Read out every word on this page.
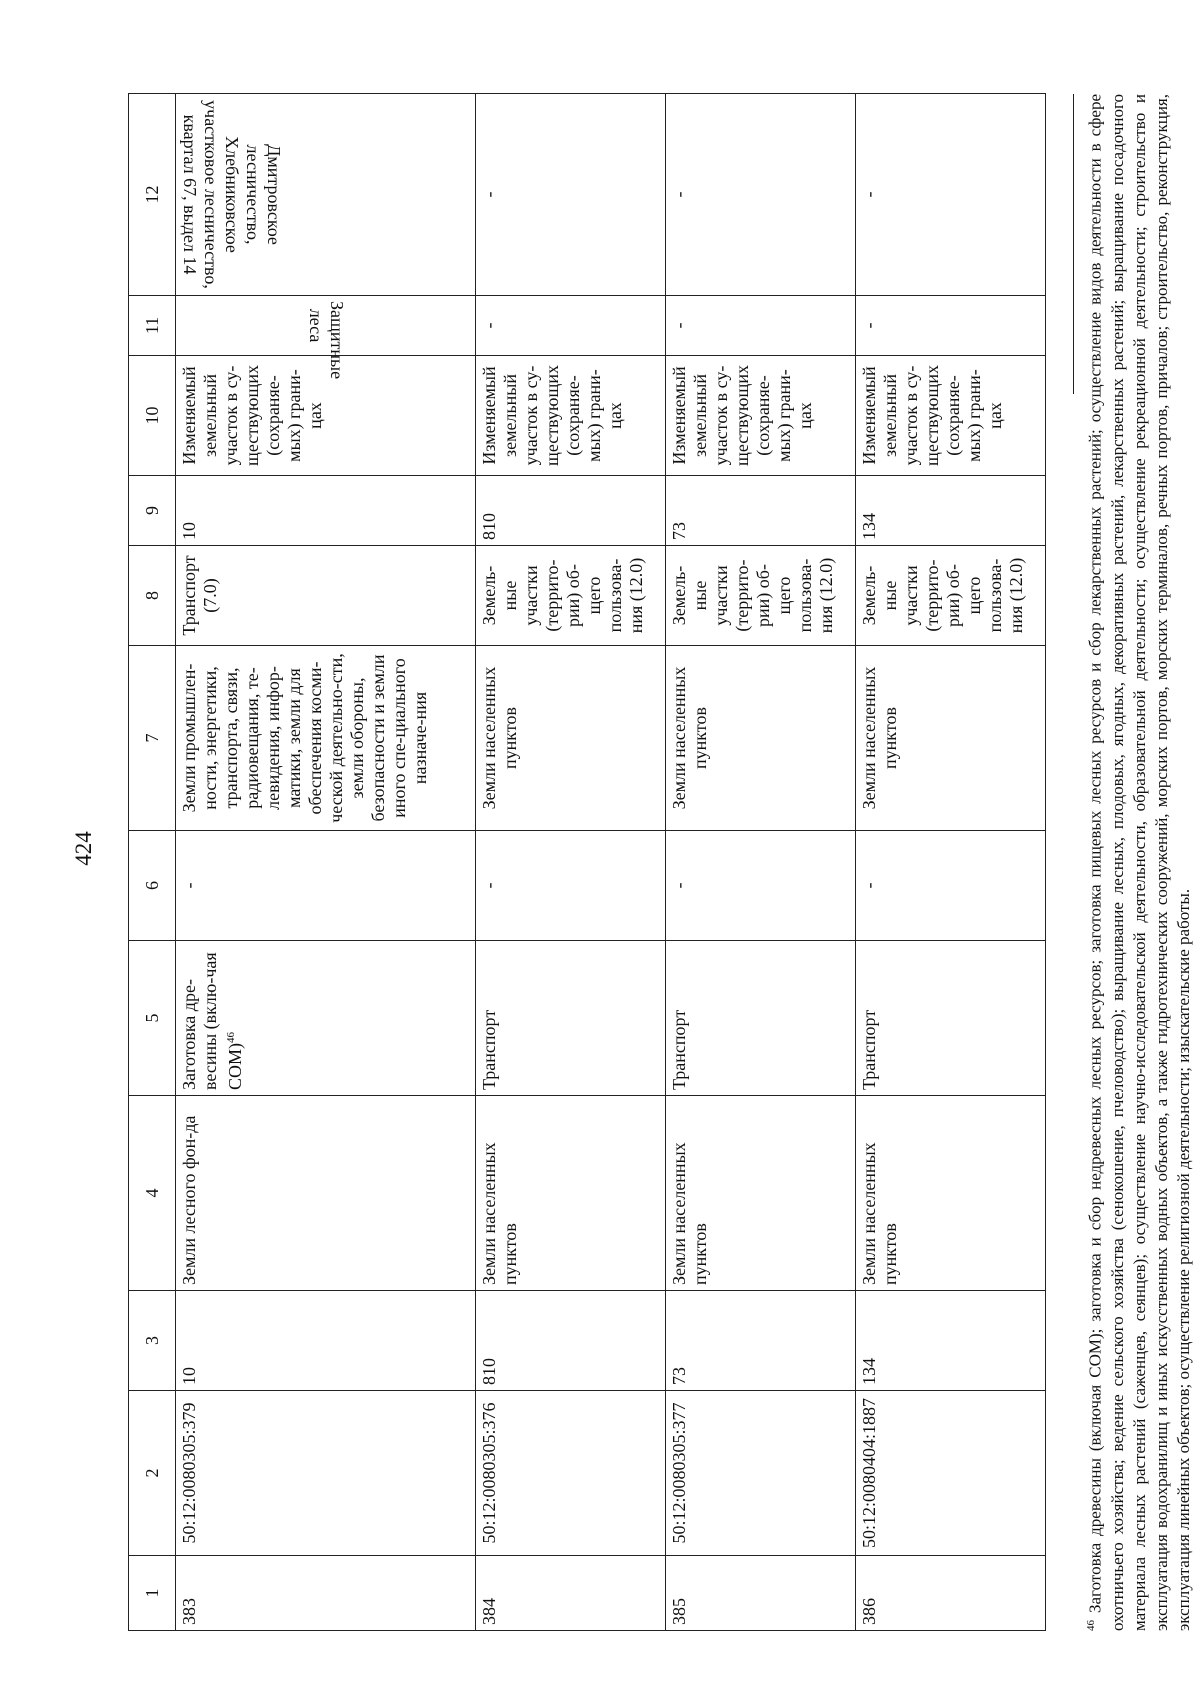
424
1	2	3	4	5	6	7	8	9	10	11	12
383	50:12:0080305:379	10	Земли лесного фон-да	Заготовка дре-весины (вклю-чая СОМ)$^{46}$	-	Земли промышлен-ности, энергетики, транспорта, связи, радиовещания, те-левидения, инфор-матики, земли для обеспечения косми-ческой деятельно-сти, земли обороны, безопасности и земли иного спе-циального назначе-ния	Транспорт (7.0)	10	Изменяемый земельный участок в су-ществующих (сохраняе-мых) грани-цах	Защитные леса	Дмитровское лесничество, Хлебниковское участковое лесничество, квартал 67, выдел 14

384	50:12:0080305:376	810	Земли населенных пунктов	Транспорт	-	Земли населенных пунктов	Земель-ные участки (террито-рии) об-щего пользова-ния (12.0)	810	Изменяемый земельный участок в су-ществующих (сохраняе-мых) грани-цах	-	-
385	50:12:0080305:377	73	Земли населенных пунктов	Транспорт	-	Земли населенных пунктов	Земель-ные участки (террито-рии) об-щего пользова-ния (12.0)	73	Изменяемый земельный участок в су-ществующих (сохраняе-мых) грани-цах	-	-
386	50:12:0080404:1887	134	Земли населенных пунктов	Транспорт	-	Земли населенных пунктов	Земель-ные участки (террито-рии) об-щего пользова-ния (12.0)	134	Изменяемый земельный участок в су-ществующих (сохраняе-мых) грани-цах	-	-
$^{46}$ Заготовка древесины (включая СОМ); заготовка и сбор недревесных лесных ресурсов; заготовка пищевых лесных ресурсов и сбор лекарственных растений; осуществление видов деятельности в сфере охотничьего хозяйства; ведение сельского хозяйства (сенокошение, пчеловодство); выращивание лесных, плодовых, ягодных, декоративных растений, лекарственных растений; выращивание посадочного материала лесных растений (саженцев, сеянцев); осуществление научно-исследовательской деятельности, образовательной деятельности; осуществление рекреационной деятельности; строительство и эксплуатация водохранилищ и иных искусственных водных объектов, а также гидротехнических сооружений, морских портов, морских терминалов, речных портов, причалов; строительство, реконструкция, эксплуатация линейных объектов; осуществление религиозной деятельности; изыскательские работы.
